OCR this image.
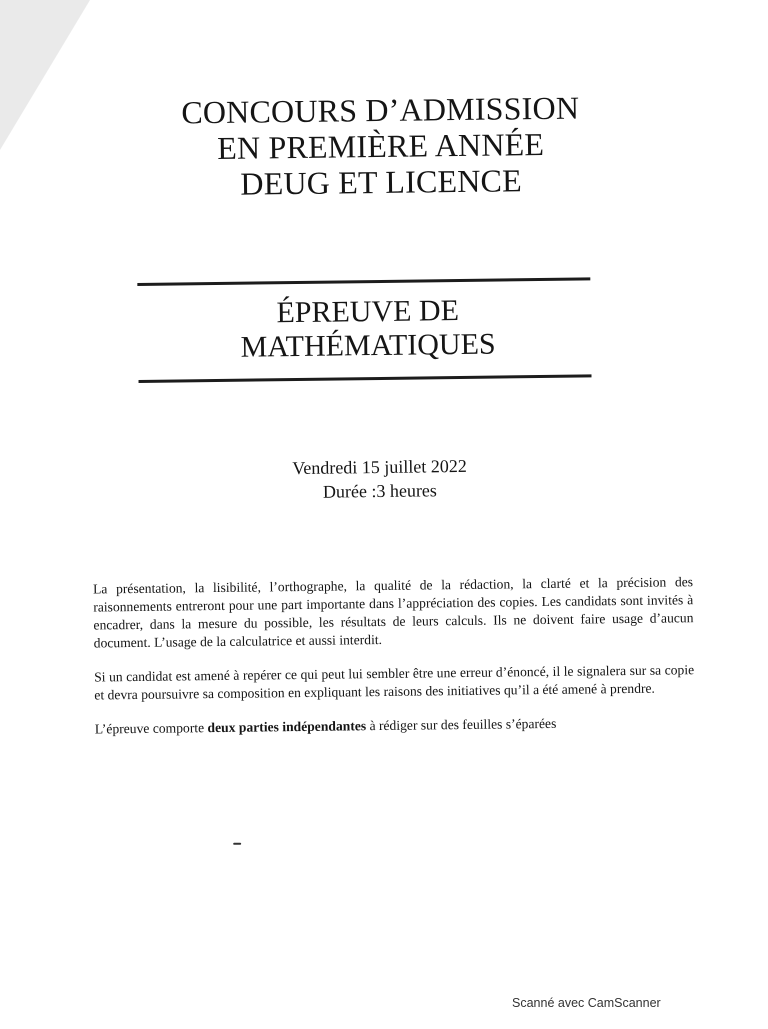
CONCOURS D’ADMISSION
EN PREMIÈRE ANNÉE
DEUG ET LICENCE
ÉPREUVE DE
MATHÉMATIQUES
Vendredi 15 juillet 2022
Durée :3 heures

La présentation, la lisibilité, l’orthographe, la qualité de la rédaction, la clarté et la précision des raisonnements entreront pour une part importante dans l’appréciation des copies. Les candidats sont invités à encadrer, dans la mesure du possible, les résultats de leurs calculs. Ils ne doivent faire usage d’aucun document. L’usage de la calculatrice et aussi interdit.

Si un candidat est amené à repérer ce qui peut lui sembler être une erreur d’énoncé, il le signalera sur sa copie et devra poursuivre sa composition en expliquant les raisons des initiatives qu’il a été amené à prendre.

L’épreuve comporte deux parties indépendantes à rédiger sur des feuilles s’éparées

Scanné avec CamScanner
